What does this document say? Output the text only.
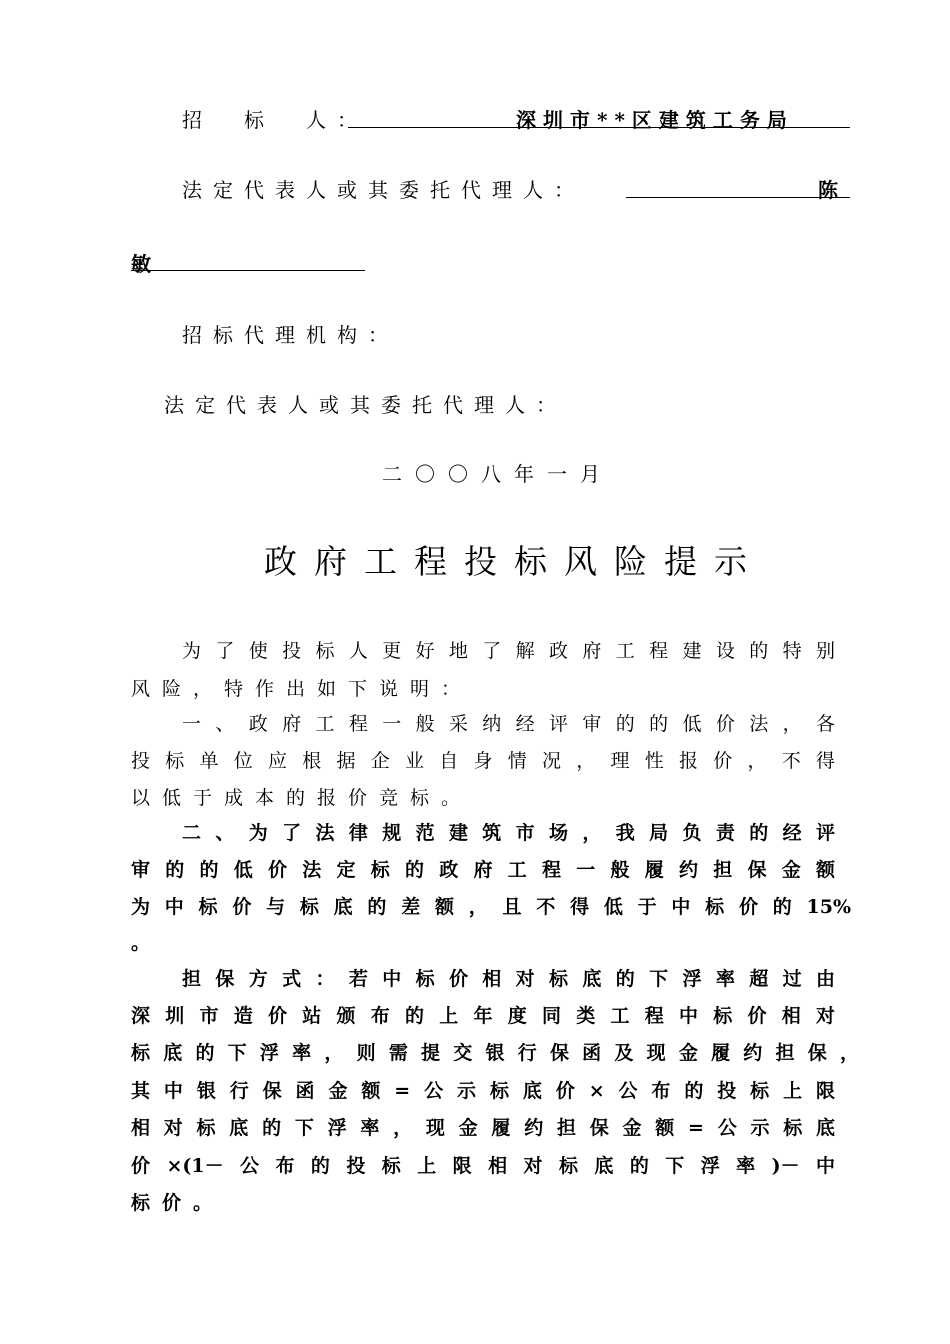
招　标　人：	深圳市**区建筑工务局
法定代表人或其委托代理人：	陈
敏
招标代理机构：
法定代表人或其委托代理人：
二〇〇八年一月
政府工程投标风险提示
为了使投标人更好地了解政府工程建设的特别
风险，特作出如下说明：
一、政府工程一般采纳经评审的的低价法，各
投标单位应根据企业自身情况，理性报价，不得
以低于成本的报价竞标。
二、为了法律规范建筑市场，我局负责的经评
审的的低价法定标的政府工程一般履约担保金额
为中标价与标底的差额，且不得低于中标价的15%
。
担保方式：若中标价相对标底的下浮率超过由
深圳市造价站颁布的上年度同类工程中标价相对
标底的下浮率，则需提交银行保函及现金履约担保，
其中银行保函金额=公示标底价×公布的投标上限
相对标底的下浮率，现金履约担保金额=公示标底
价×(1－公布的投标上限相对标底的下浮率)－中
标价。
